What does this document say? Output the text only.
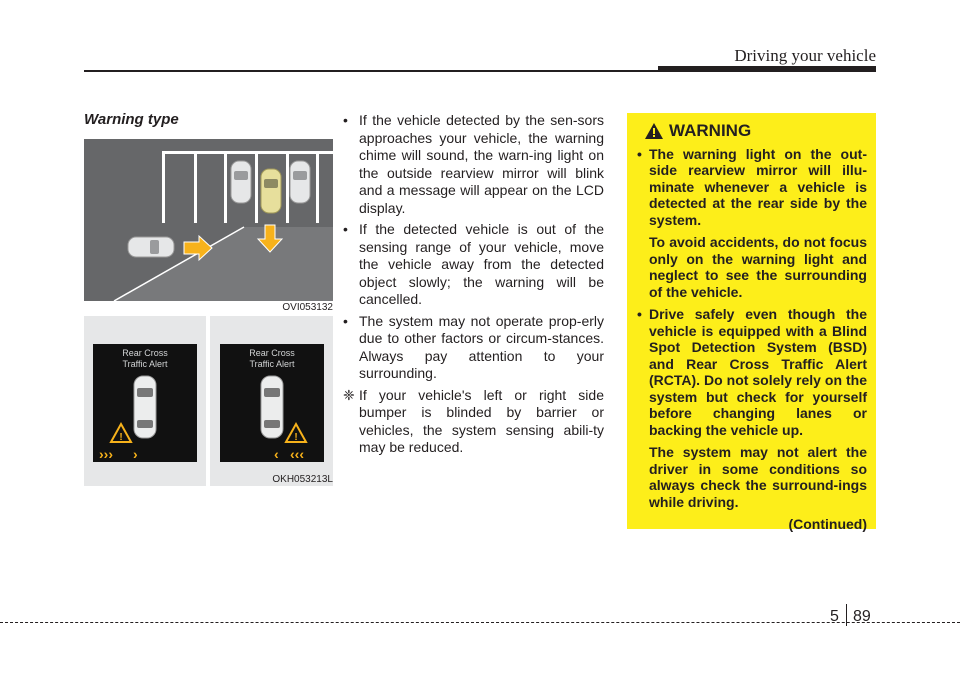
Driving your vehicle
Warning type
OVI053132
Rear Cross
Traffic Alert
!
››› ›
Rear Cross
Traffic Alert
!
‹ ‹‹‹
OKH053213L
• If the vehicle detected by the sen-sors approaches your vehicle, the warning chime will sound, the warn-ing light on the outside rearview mirror will blink and a message will appear on the LCD display.
• If the detected vehicle is out of the sensing range of your vehicle, move the vehicle away from the detected object slowly; the warning will be cancelled.
• The system may not operate prop-erly due to other factors or circum-stances. Always pay attention to your surrounding.
❈ If your vehicle's left or right side bumper is blinded by barrier or vehicles, the system sensing abili-ty may be reduced.
WARNING
• The warning light on the out-side rearview mirror will illu-minate whenever a vehicle is detected at the rear side by the system.
To avoid accidents, do not focus only on the warning light and neglect to see the surrounding of the vehicle.
• Drive safely even though the vehicle is equipped with a Blind Spot Detection System (BSD) and Rear Cross Traffic Alert (RCTA). Do not solely rely on the system but check for yourself before changing lanes or backing the vehicle up.
The system may not alert the driver in some conditions so always check the surround-ings while driving.
(Continued)
5 89
